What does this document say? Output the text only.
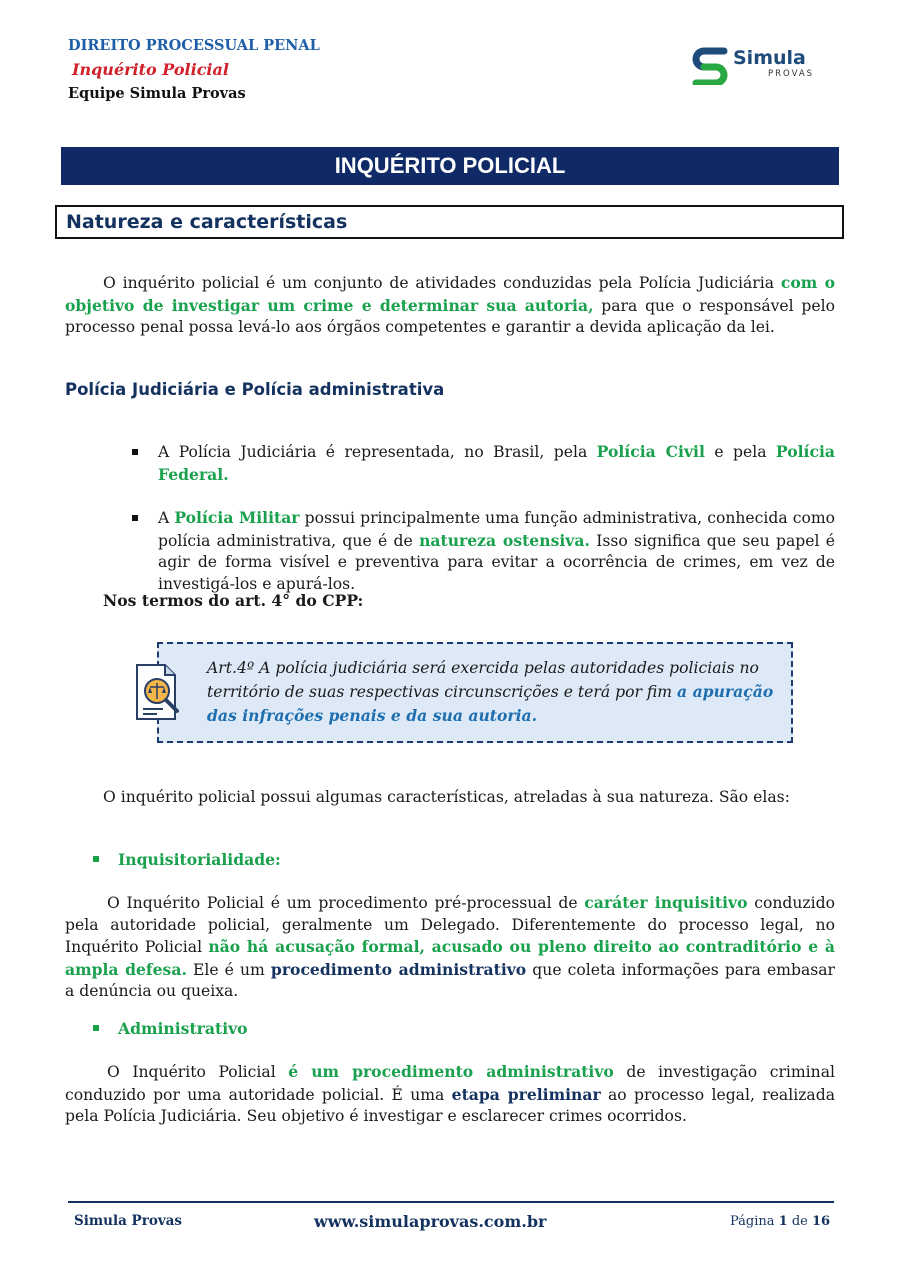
DIREITO PROCESSUAL PENAL
Inquérito Policial
Equipe Simula Provas
Simula
PROVAS
INQUÉRITO POLICIAL
Natureza e características

O inquérito policial é um conjunto de atividades conduzidas pela Polícia Judiciária com o objetivo de investigar um crime e determinar sua autoria, para que o responsável pelo processo penal possa levá-lo aos órgãos competentes e garantir a devida aplicação da lei.

Polícia Judiciária e Polícia administrativa
A Polícia Judiciária é representada, no Brasil, pela Polícia Civil e pela Polícia Federal.
A Polícia Militar possui principalmente uma função administrativa, conhecida como polícia administrativa, que é de natureza ostensiva. Isso significa que seu papel é agir de forma visível e preventiva para evitar a ocorrência de crimes, em vez de investigá-los e apurá-los.
Nos termos do art. 4° do CPP:
Art.4º A polícia judiciária será exercida pelas autoridades policiais no território de suas respectivas circunscrições e terá por fim a apuração das infrações penais e da sua autoria.
O inquérito policial possui algumas características, atreladas à sua natureza. São elas:
Inquisitorialidade:

O Inquérito Policial é um procedimento pré-processual de caráter inquisitivo conduzido pela autoridade policial, geralmente um Delegado. Diferentemente do processo legal, no Inquérito Policial não há acusação formal, acusado ou pleno direito ao contraditório e à ampla defesa. Ele é um procedimento administrativo que coleta informações para embasar a denúncia ou queixa.

Administrativo

O Inquérito Policial é um procedimento administrativo de investigação criminal conduzido por uma autoridade policial. É uma etapa preliminar ao processo legal, realizada pela Polícia Judiciária. Seu objetivo é investigar e esclarecer crimes ocorridos.

Simula Provas	www.simulaprovas.com.br	Página 1 de 16
